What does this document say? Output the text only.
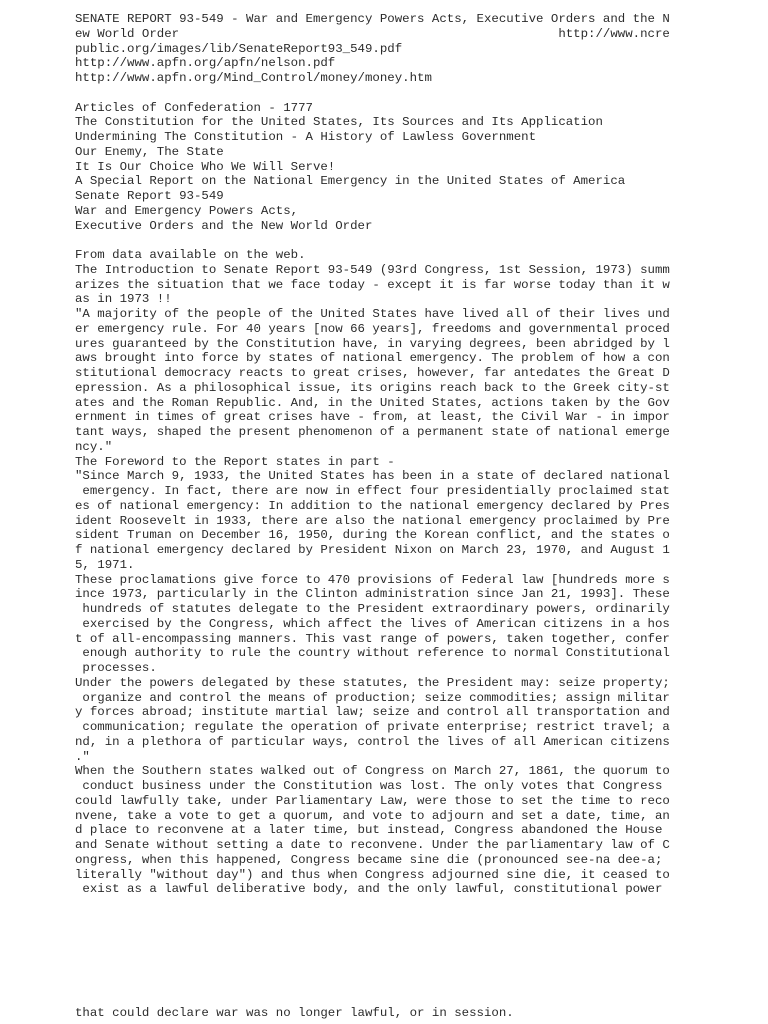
SENATE REPORT 93-549 - War and Emergency Powers Acts, Executive Orders and the N
ew World Order                                                   http://www.ncre
public.org/images/lib/SenateReport93_549.pdf
http://www.apfn.org/apfn/nelson.pdf
http://www.apfn.org/Mind_Control/money/money.htm
Articles of Confederation - 1777
The Constitution for the United States, Its Sources and Its Application
Undermining The Constitution - A History of Lawless Government
Our Enemy, The State
It Is Our Choice Who We Will Serve!
A Special Report on the National Emergency in the United States of America
Senate Report 93-549
War and Emergency Powers Acts,
Executive Orders and the New World Order
From data available on the web.
The Introduction to Senate Report 93-549 (93rd Congress, 1st Session, 1973) summ
arizes the situation that we face today - except it is far worse today than it w
as in 1973 !!
"A majority of the people of the United States have lived all of their lives und
er emergency rule. For 40 years [now 66 years], freedoms and governmental proced
ures guaranteed by the Constitution have, in varying degrees, been abridged by l
aws brought into force by states of national emergency. The problem of how a con
stitutional democracy reacts to great crises, however, far antedates the Great D
epression. As a philosophical issue, its origins reach back to the Greek city-st
ates and the Roman Republic. And, in the United States, actions taken by the Gov
ernment in times of great crises have - from, at least, the Civil War - in impor
tant ways, shaped the present phenomenon of a permanent state of national emerge
ncy."
The Foreword to the Report states in part -
"Since March 9, 1933, the United States has been in a state of declared national
emergency. In fact, there are now in effect four presidentially proclaimed stat
es of national emergency: In addition to the national emergency declared by Pres
ident Roosevelt in 1933, there are also the national emergency proclaimed by Pre
sident Truman on December 16, 1950, during the Korean conflict, and the states o
f national emergency declared by President Nixon on March 23, 1970, and August 1
5, 1971.
These proclamations give force to 470 provisions of Federal law [hundreds more s
ince 1973, particularly in the Clinton administration since Jan 21, 1993]. These
hundreds of statutes delegate to the President extraordinary powers, ordinarily
exercised by the Congress, which affect the lives of American citizens in a hos
t of all-encompassing manners. This vast range of powers, taken together, confer
enough authority to rule the country without reference to normal Constitutional
processes.
Under the powers delegated by these statutes, the President may: seize property;
organize and control the means of production; seize commodities; assign militar
y forces abroad; institute martial law; seize and control all transportation and
communication; regulate the operation of private enterprise; restrict travel; a
nd, in a plethora of particular ways, control the lives of all American citizens
."
When the Southern states walked out of Congress on March 27, 1861, the quorum to
conduct business under the Constitution was lost. The only votes that Congress
could lawfully take, under Parliamentary Law, were those to set the time to reco
nvene, take a vote to get a quorum, and vote to adjourn and set a date, time, an
d place to reconvene at a later time, but instead, Congress abandoned the House
and Senate without setting a date to reconvene. Under the parliamentary law of C
ongress, when this happened, Congress became sine die (pronounced see-na dee-a;
literally "without day") and thus when Congress adjourned sine die, it ceased to
exist as a lawful deliberative body, and the only lawful, constitutional power
that could declare war was no longer lawful, or in session.
